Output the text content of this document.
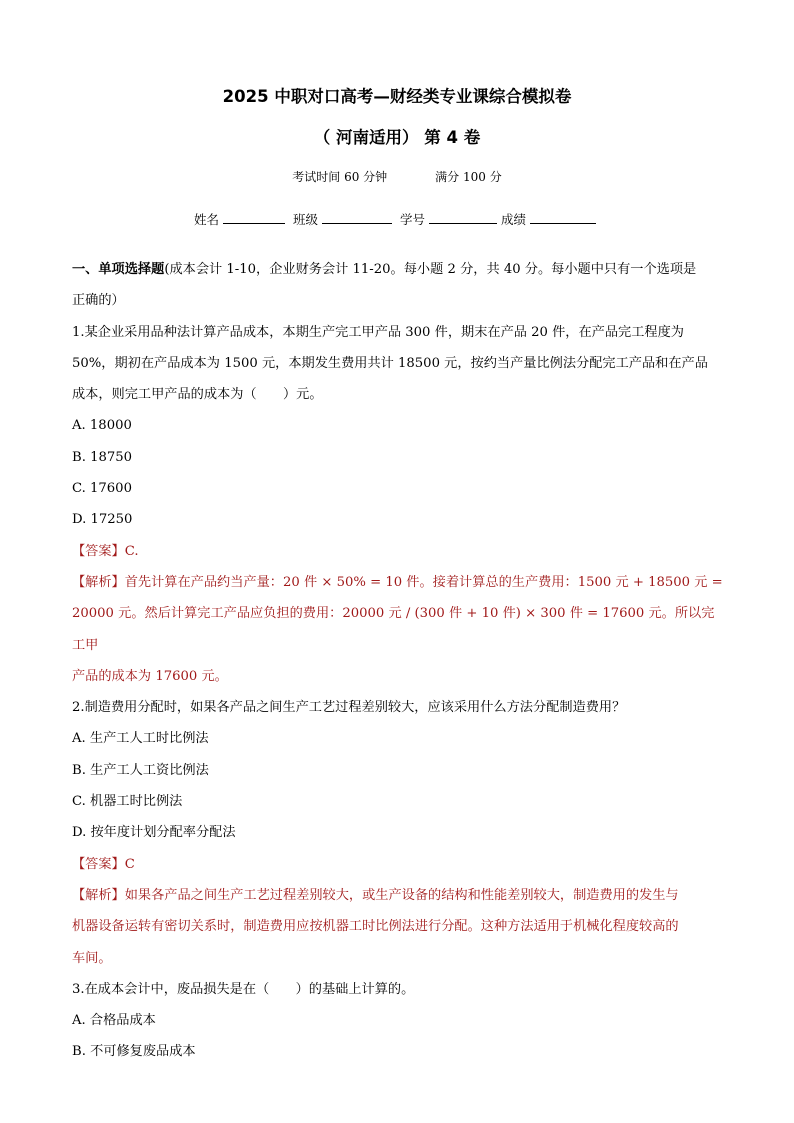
2025 中职对口高考—财经类专业课综合模拟卷
（ 河南适用） 第 4 卷
考试时间 60 分钟	满分 100 分
姓名	班级	学号	成绩

一、单项选择题(成本会计 1-10，企业财务会计 11-20。每小题 2 分，共 40 分。每小题中只有一个选项是

正确的）

1.某企业采用品种法计算产品成本，本期生产完工甲产品 300 件，期末在产品 20 件，在产品完工程度为

50%，期初在产品成本为 1500 元，本期发生费用共计 18500 元，按约当产量比例法分配完工产品和在产品

成本，则完工甲产品的成本为（　　）元。

A. 18000

B. 18750

C. 17600

D. 17250

【答案】C.

【解析】首先计算在产品约当产量：20 件 × 50% = 10 件。接着计算总的生产费用：1500 元 + 18500 元 =

20000 元。然后计算完工产品应负担的费用：20000 元 / (300 件 + 10 件) × 300 件 = 17600 元。所以完工甲

产品的成本为 17600 元。

2.制造费用分配时，如果各产品之间生产工艺过程差别较大，应该采用什么方法分配制造费用？

A. 生产工人工时比例法

B. 生产工人工资比例法

C. 机器工时比例法

D. 按年度计划分配率分配法

【答案】C

【解析】如果各产品之间生产工艺过程差别较大，或生产设备的结构和性能差别较大，制造费用的发生与

机器设备运转有密切关系时，制造费用应按机器工时比例法进行分配。这种方法适用于机械化程度较高的

车间。

3.在成本会计中，废品损失是在（　　）的基础上计算的。

A. 合格品成本

B. 不可修复废品成本
